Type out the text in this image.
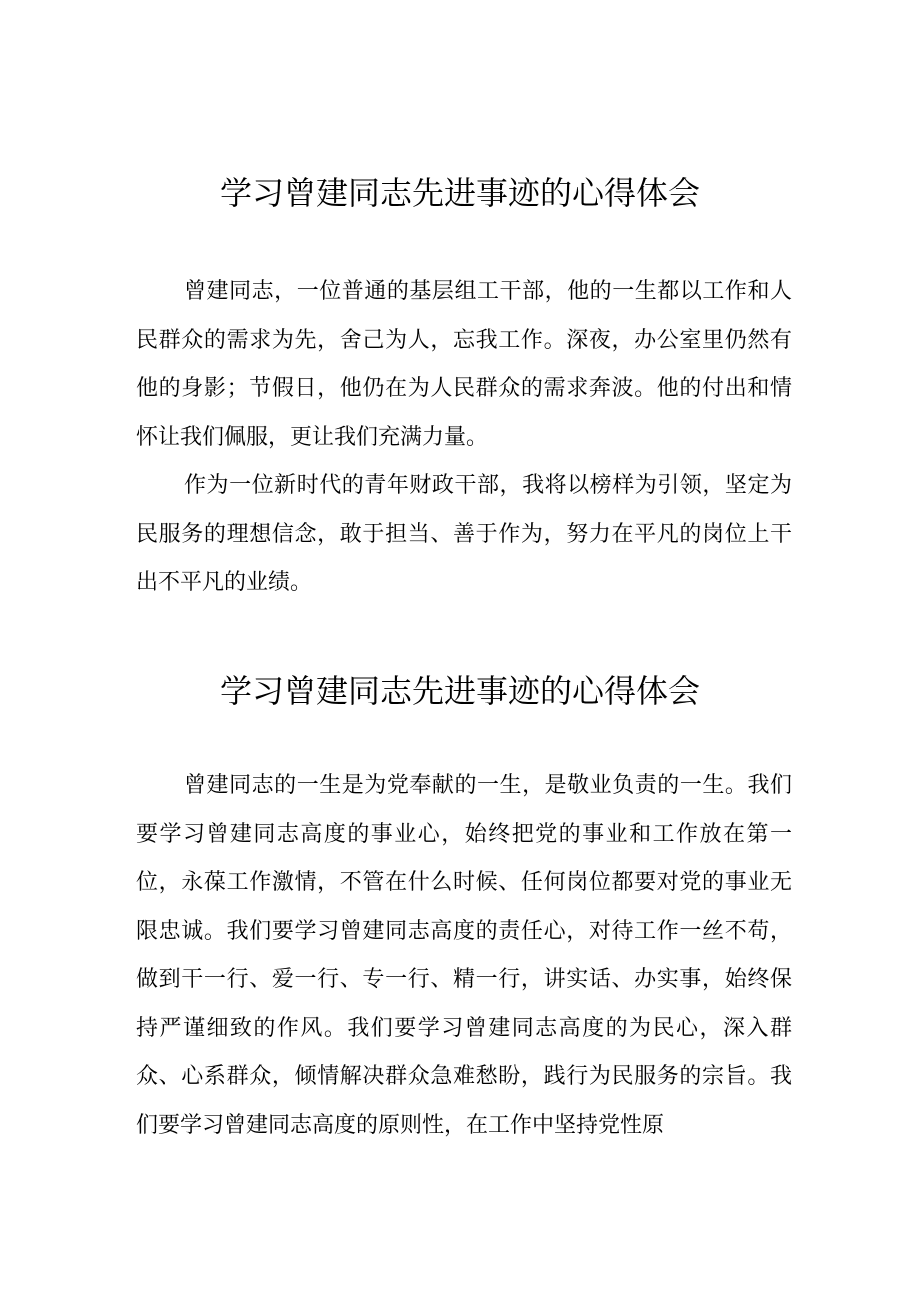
学习曾建同志先进事迹的心得体会

曾建同志，一位普通的基层组工干部，他的一生都以工作和人民群众的需求为先，舍己为人，忘我工作。深夜，办公室里仍然有他的身影；节假日，他仍在为人民群众的需求奔波。他的付出和情怀让我们佩服，更让我们充满力量。

作为一位新时代的青年财政干部，我将以榜样为引领，坚定为民服务的理想信念，敢于担当、善于作为，努力在平凡的岗位上干出不平凡的业绩。

学习曾建同志先进事迹的心得体会

曾建同志的一生是为党奉献的一生，是敬业负责的一生。我们要学习曾建同志高度的事业心，始终把党的事业和工作放在第一位，永葆工作激情，不管在什么时候、任何岗位都要对党的事业无限忠诚。我们要学习曾建同志高度的责任心，对待工作一丝不苟，做到干一行、爱一行、专一行、精一行，讲实话、办实事，始终保持严谨细致的作风。我们要学习曾建同志高度的为民心，深入群众、心系群众，倾情解决群众急难愁盼，践行为民服务的宗旨。我们要学习曾建同志高度的原则性，在工作中坚持党性原
